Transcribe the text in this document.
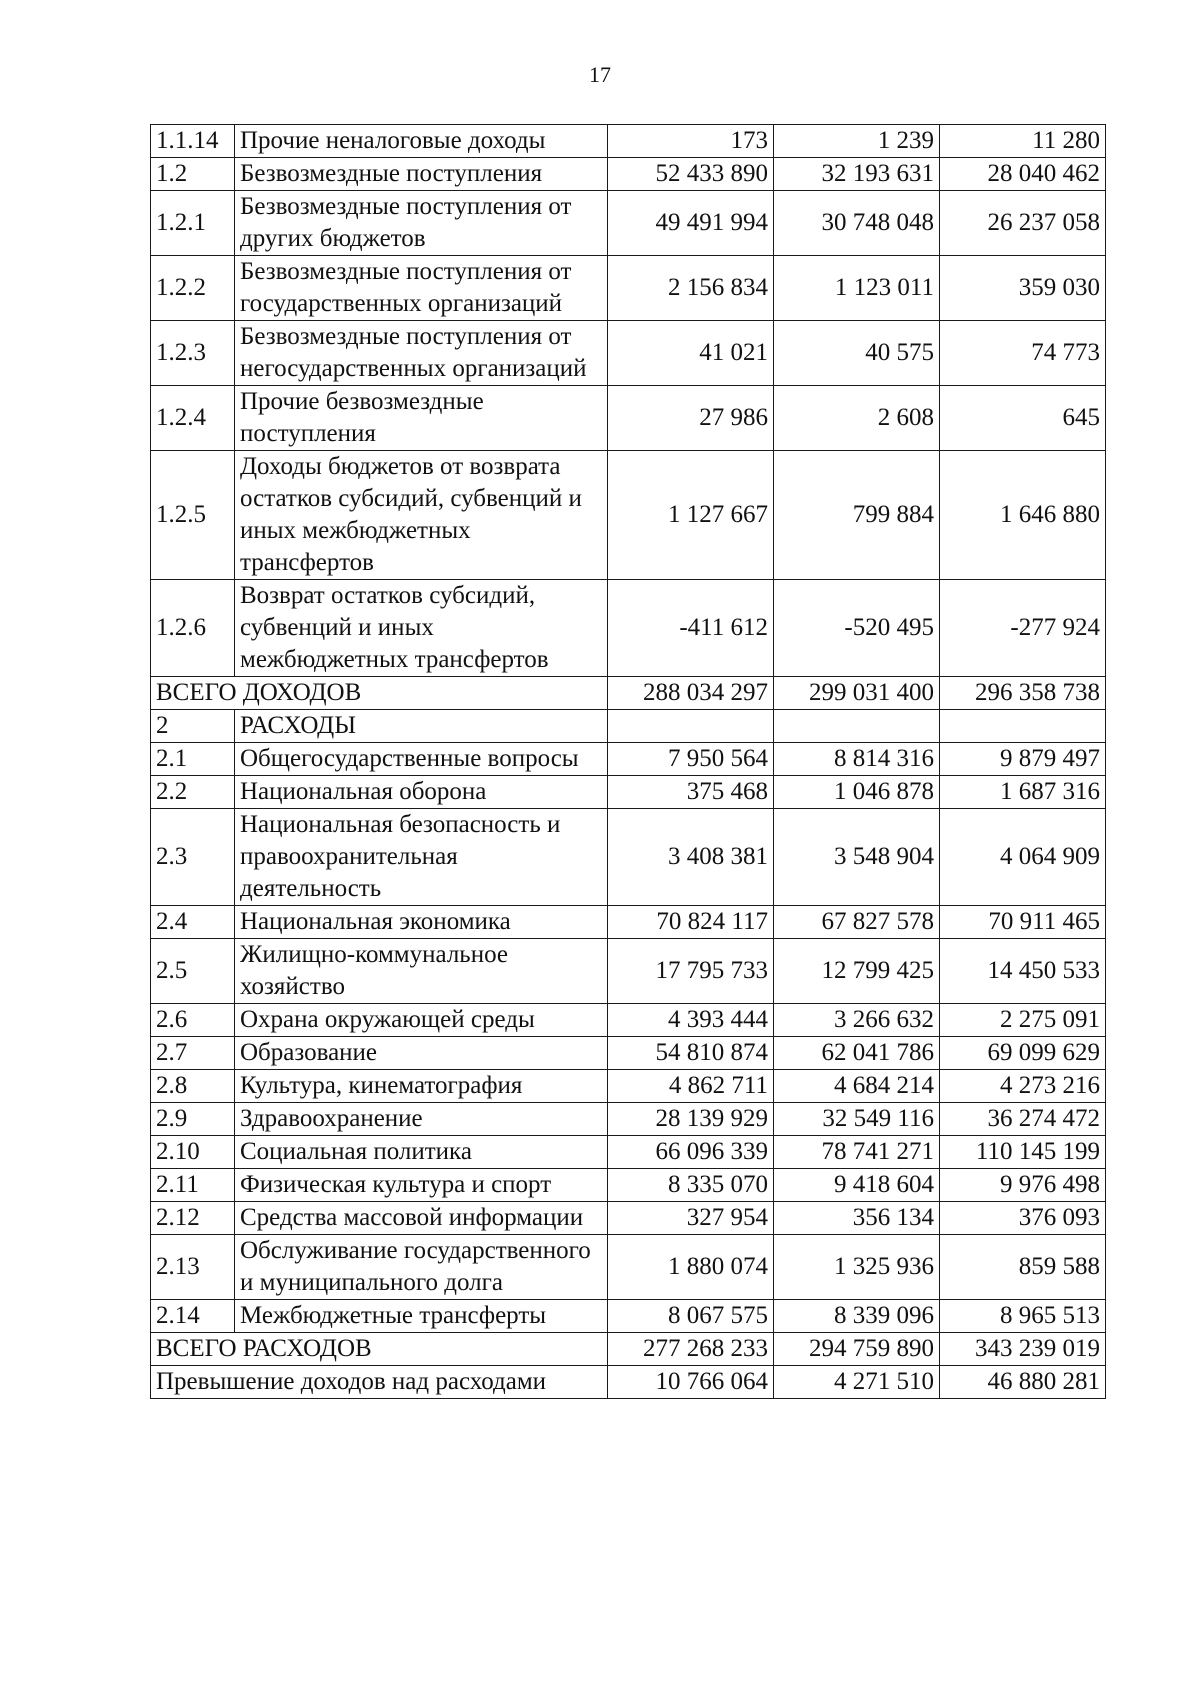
17
1.1.14	Прочие неналоговые доходы	173	1 239	11 280
1.2	Безвозмездные поступления	52 433 890	32 193 631	28 040 462
1.2.1	Безвозмездные поступления от других бюджетов	49 491 994	30 748 048	26 237 058
1.2.2	Безвозмездные поступления от государственных организаций	2 156 834	1 123 011	359 030
1.2.3	Безвозмездные поступления от негосударственных организаций	41 021	40 575	74 773
1.2.4	Прочие безвозмездные поступления	27 986	2 608	645
1.2.5	Доходы бюджетов от возврата остатков субсидий, субвенций и иных межбюджетных трансфертов	1 127 667	799 884	1 646 880
1.2.6	Возврат остатков субсидий, субвенций и иных межбюджетных трансфертов	-411 612	-520 495	-277 924
ВСЕГО ДОХОДОВ		288 034 297	299 031 400	296 358 738
2	РАСХОДЫ			
2.1	Общегосударственные вопросы	7 950 564	8 814 316	9 879 497
2.2	Национальная оборона	375 468	1 046 878	1 687 316
2.3	Национальная безопасность и правоохранительная деятельность	3 408 381	3 548 904	4 064 909
2.4	Национальная экономика	70 824 117	67 827 578	70 911 465
2.5	Жилищно-коммунальное хозяйство	17 795 733	12 799 425	14 450 533
2.6	Охрана окружающей среды	4 393 444	3 266 632	2 275 091
2.7	Образование	54 810 874	62 041 786	69 099 629
2.8	Культура, кинематография	4 862 711	4 684 214	4 273 216
2.9	Здравоохранение	28 139 929	32 549 116	36 274 472
2.10	Социальная политика	66 096 339	78 741 271	110 145 199
2.11	Физическая культура и спорт	8 335 070	9 418 604	9 976 498
2.12	Средства массовой информации	327 954	356 134	376 093
2.13	Обслуживание государственного и муниципального долга	1 880 074	1 325 936	859 588
2.14	Межбюджетные трансферты	8 067 575	8 339 096	8 965 513
ВСЕГО РАСХОДОВ		277 268 233	294 759 890	343 239 019
Превышение доходов над расходами		10 766 064	4 271 510	46 880 281
